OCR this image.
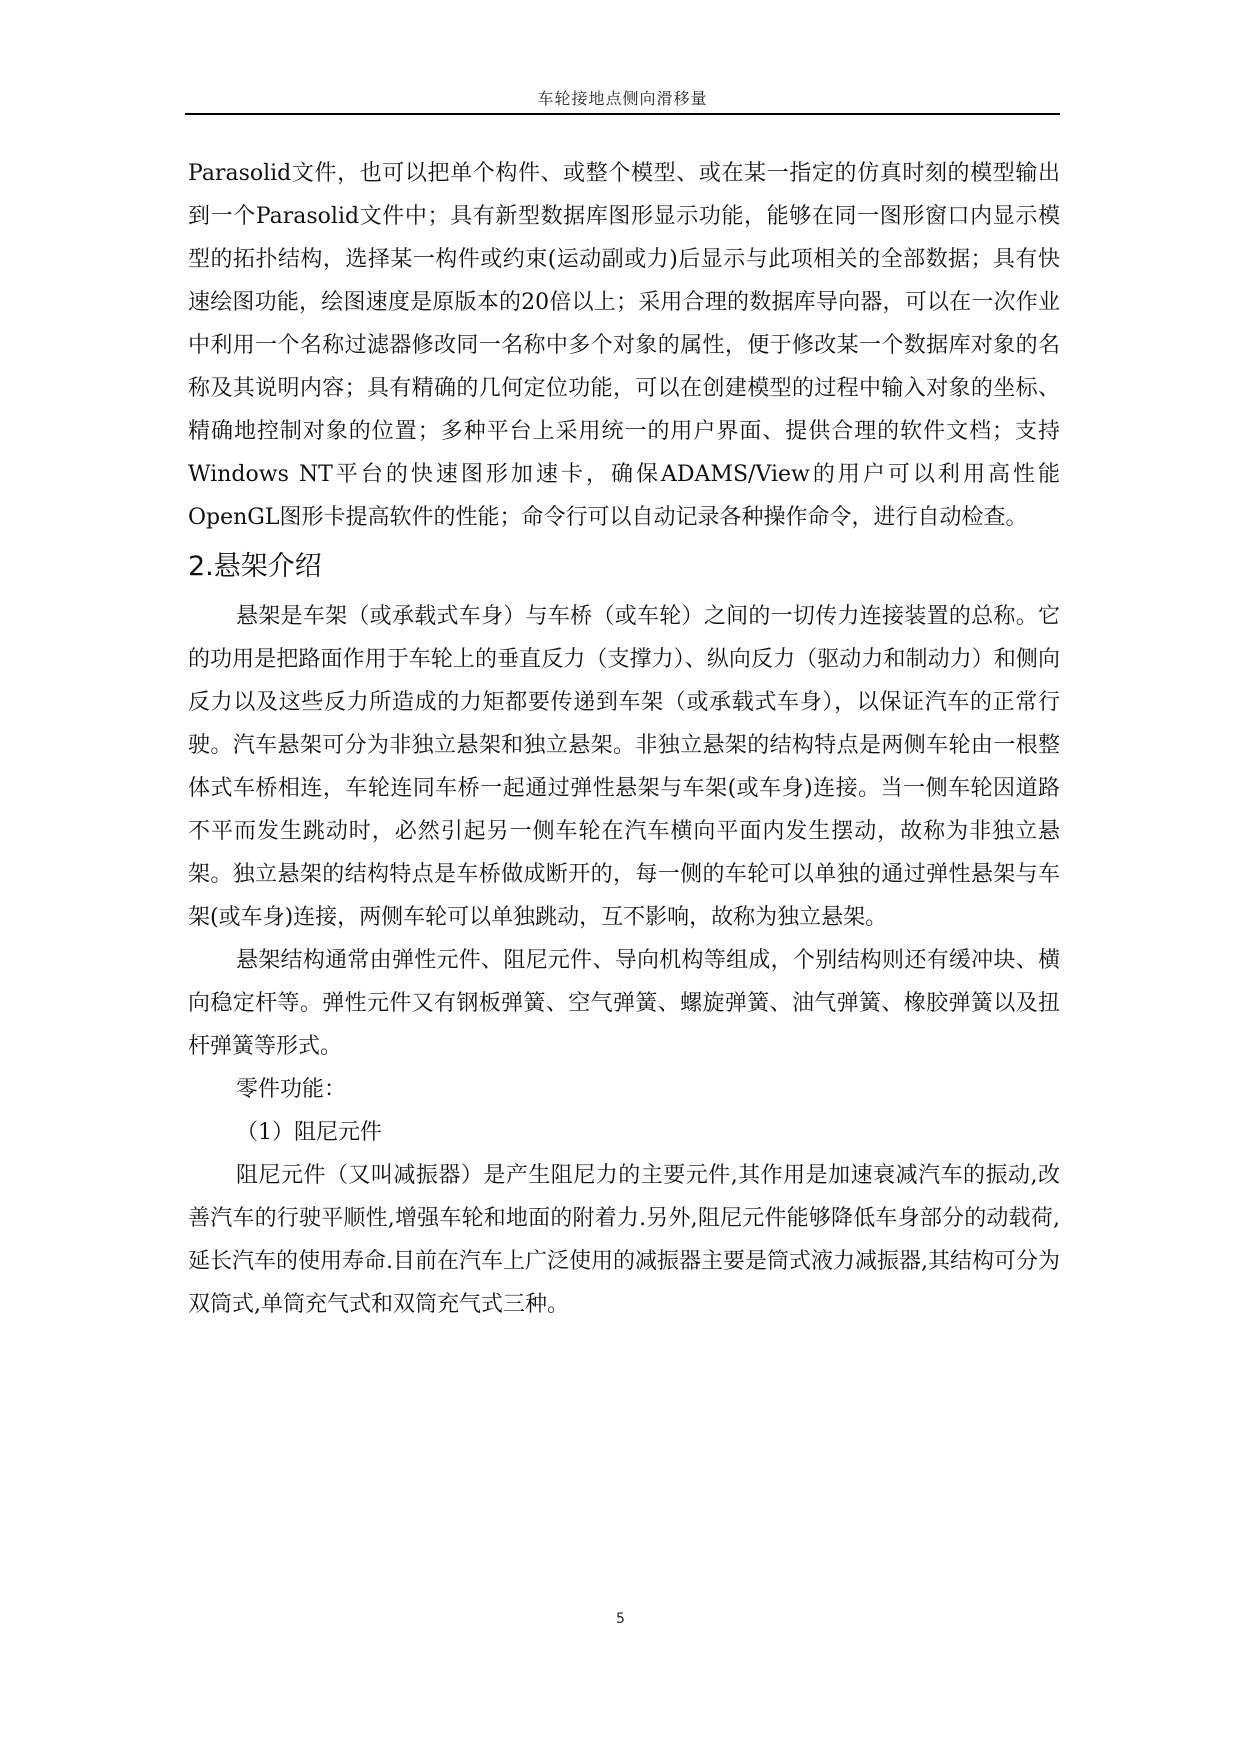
车轮接地点侧向滑移量

Parasolid文件，也可以把单个构件、或整个模型、或在某一指定的仿真时刻的模型输出到一个Parasolid文件中；具有新型数据库图形显示功能，能够在同一图形窗口内显示模型的拓扑结构，选择某一构件或约束(运动副或力)后显示与此项相关的全部数据；具有快速绘图功能，绘图速度是原版本的20倍以上；采用合理的数据库导向器，可以在一次作业中利用一个名称过滤器修改同一名称中多个对象的属性，便于修改某一个数据库对象的名称及其说明内容；具有精确的几何定位功能，可以在创建模型的过程中输入对象的坐标、精确地控制对象的位置；多种平台上采用统一的用户界面、提供合理的软件文档；支持Windows NT平台的快速图形加速卡，确保ADAMS/View的用户可以利用高性能OpenGL图形卡提高软件的性能；命令行可以自动记录各种操作命令，进行自动检查。

2.悬架介绍

悬架是车架（或承载式车身）与车桥（或车轮）之间的一切传力连接装置的总称。它的功用是把路面作用于车轮上的垂直反力（支撑力）、纵向反力（驱动力和制动力）和侧向反力以及这些反力所造成的力矩都要传递到车架（或承载式车身），以保证汽车的正常行驶。汽车悬架可分为非独立悬架和独立悬架。非独立悬架的结构特点是两侧车轮由一根整体式车桥相连，车轮连同车桥一起通过弹性悬架与车架(或车身)连接。当一侧车轮因道路不平而发生跳动时，必然引起另一侧车轮在汽车横向平面内发生摆动，故称为非独立悬架。独立悬架的结构特点是车桥做成断开的，每一侧的车轮可以单独的通过弹性悬架与车架(或车身)连接，两侧车轮可以单独跳动，互不影响，故称为独立悬架。

悬架结构通常由弹性元件、阻尼元件、导向机构等组成，个别结构则还有缓冲块、横向稳定杆等。弹性元件又有钢板弹簧、空气弹簧、螺旋弹簧、油气弹簧、橡胶弹簧以及扭杆弹簧等形式。

零件功能：

（1）阻尼元件

阻尼元件（又叫减振器）是产生阻尼力的主要元件,其作用是加速衰减汽车的振动,改善汽车的行驶平顺性,增强车轮和地面的附着力.另外,阻尼元件能够降低车身部分的动载荷,延长汽车的使用寿命.目前在汽车上广泛使用的减振器主要是筒式液力减振器,其结构可分为双筒式,单筒充气式和双筒充气式三种。

5
